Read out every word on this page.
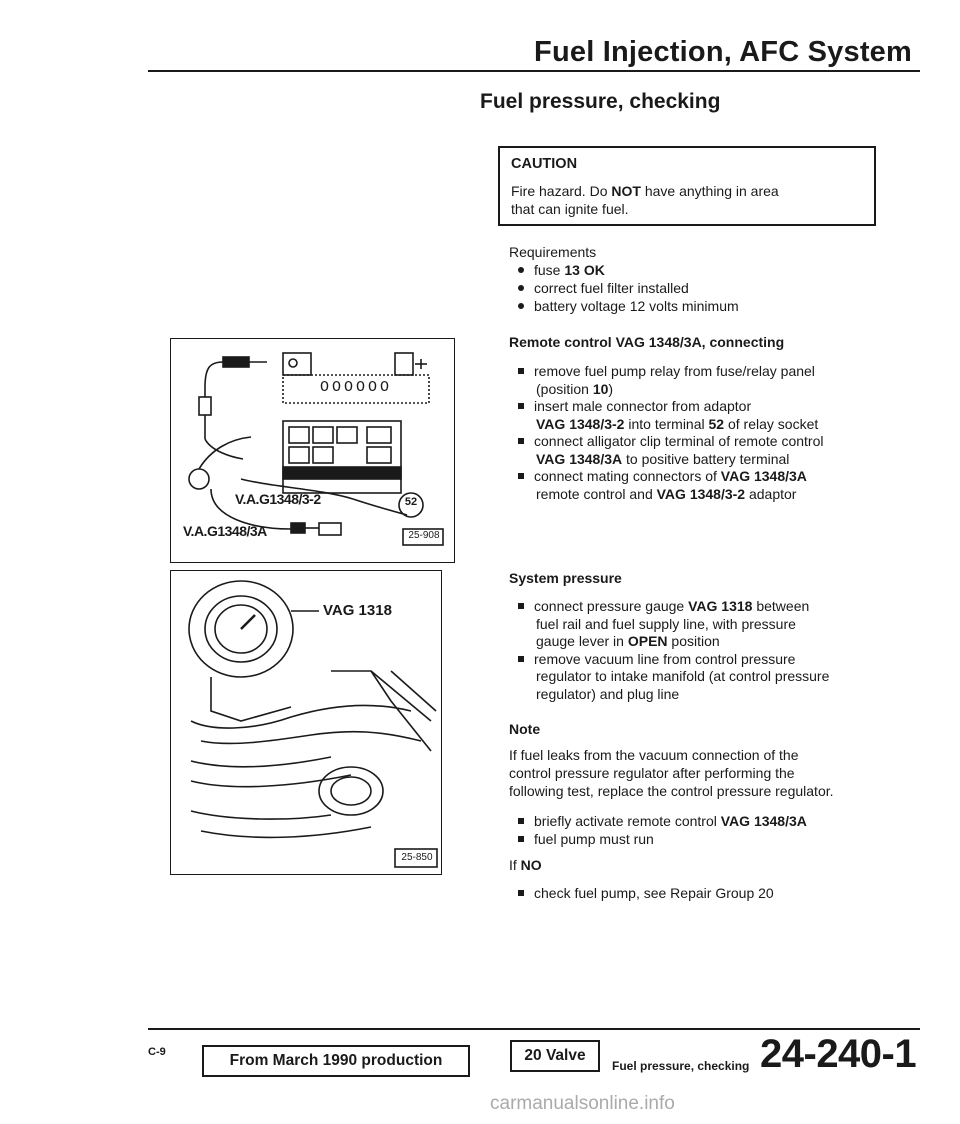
Fuel Injection, AFC System
Fuel pressure, checking
CAUTION
Fire hazard. Do NOT have anything in area
that can ignite fuel.
Requirements
fuse 13 OK
correct fuel filter installed
battery voltage 12 volts minimum
Remote control VAG 1348/3A, connecting
remove fuel pump relay from fuse/relay panel
(position 10)
insert male connector from adaptor
VAG 1348/3-2 into terminal 52 of relay socket
connect alligator clip terminal of remote control
VAG 1348/3A to positive battery terminal
connect mating connectors of VAG 1348/3A
remote control and VAG 1348/3-2 adaptor
System pressure
connect pressure gauge VAG 1318 between
fuel rail and fuel supply line, with pressure
gauge lever in OPEN position
remove vacuum line from control pressure
regulator to intake manifold (at control pressure
regulator) and plug line
Note
If fuel leaks from the vacuum connection of the
control pressure regulator after performing the
following test, replace the control pressure regulator.
briefly activate remote control VAG 1348/3A
fuel pump must run
If NO
check fuel pump, see Repair Group 20
OOOOOO
V.A.G1348/3-2
V.A.G1348/3A
52
25-908
VAG 1318
25-850
C-9	From March 1990 production	20 Valve
Fuel pressure, checking 24-240-1
carmanualsonline.info
